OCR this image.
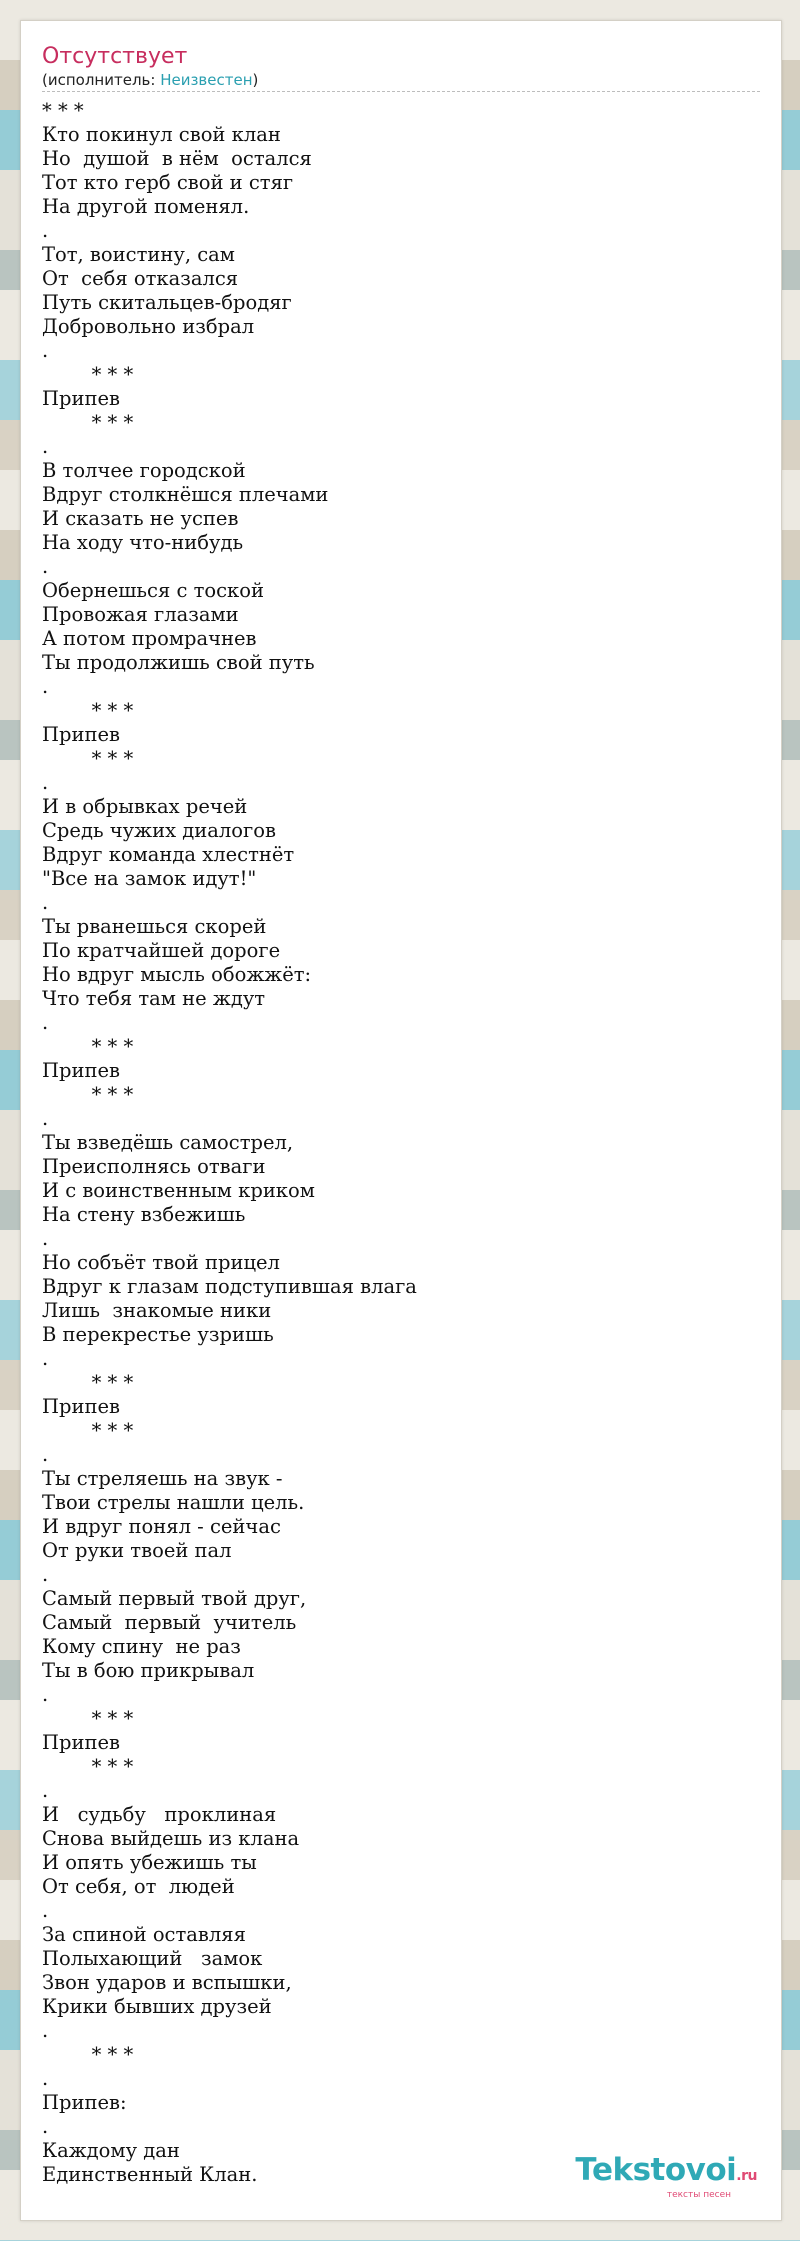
Отсутствует
(исполнитель: Неизвестен)
* * *
Кто покинул свой клан
Но  душой  в нём  остался
Тот кто герб свой и стяг
На другой поменял.
.
Тот, воистину, сам
От  себя отказался
Путь скитальцев-бродяг
Добровольно избрал
.
* * *
Припев
* * *
.
В толчее городской
Вдруг столкнёшся плечами
И сказать не успев
На ходу что-нибудь
.
Обернешься с тоской
Провожая глазами
А потом промрачнев
Ты продолжишь свой путь
.
* * *
Припев
* * *
.
И в обрывках речей
Средь чужих диалогов
Вдруг команда хлестнёт
"Все на замок идут!"
.
Ты рванешься скорей
По кратчайшей дороге
Но вдруг мысль обожжёт:
Что тебя там не ждут
.
* * *
Припев
* * *
.
Ты взведёшь самострел,
Преисполнясь отваги
И с воинственным криком
На стену взбежишь
.
Но собъёт твой прицел
Вдруг к глазам подступившая влага
Лишь  знакомые ники
В перекрестье узришь
.
* * *
Припев
* * *
.
Ты стреляешь на звук -
Твои стрелы нашли цель.
И вдруг понял - сейчас
От руки твоей пал
.
Самый первый твой друг,
Самый  первый  учитель
Кому спину  не раз
Ты в бою прикрывал
.
* * *
Припев
* * *
.
И   судьбу   проклиная
Снова выйдешь из клана
И опять убежишь ты
От себя, от  людей
.
За спиной оставляя
Полыхающий   замок
Звон ударов и вспышки,
Крики бывших друзей
.
* * *
.
Припев:
.
Каждому дан
Единственный Клан.	Tekstovoi.ru
тексты песен
